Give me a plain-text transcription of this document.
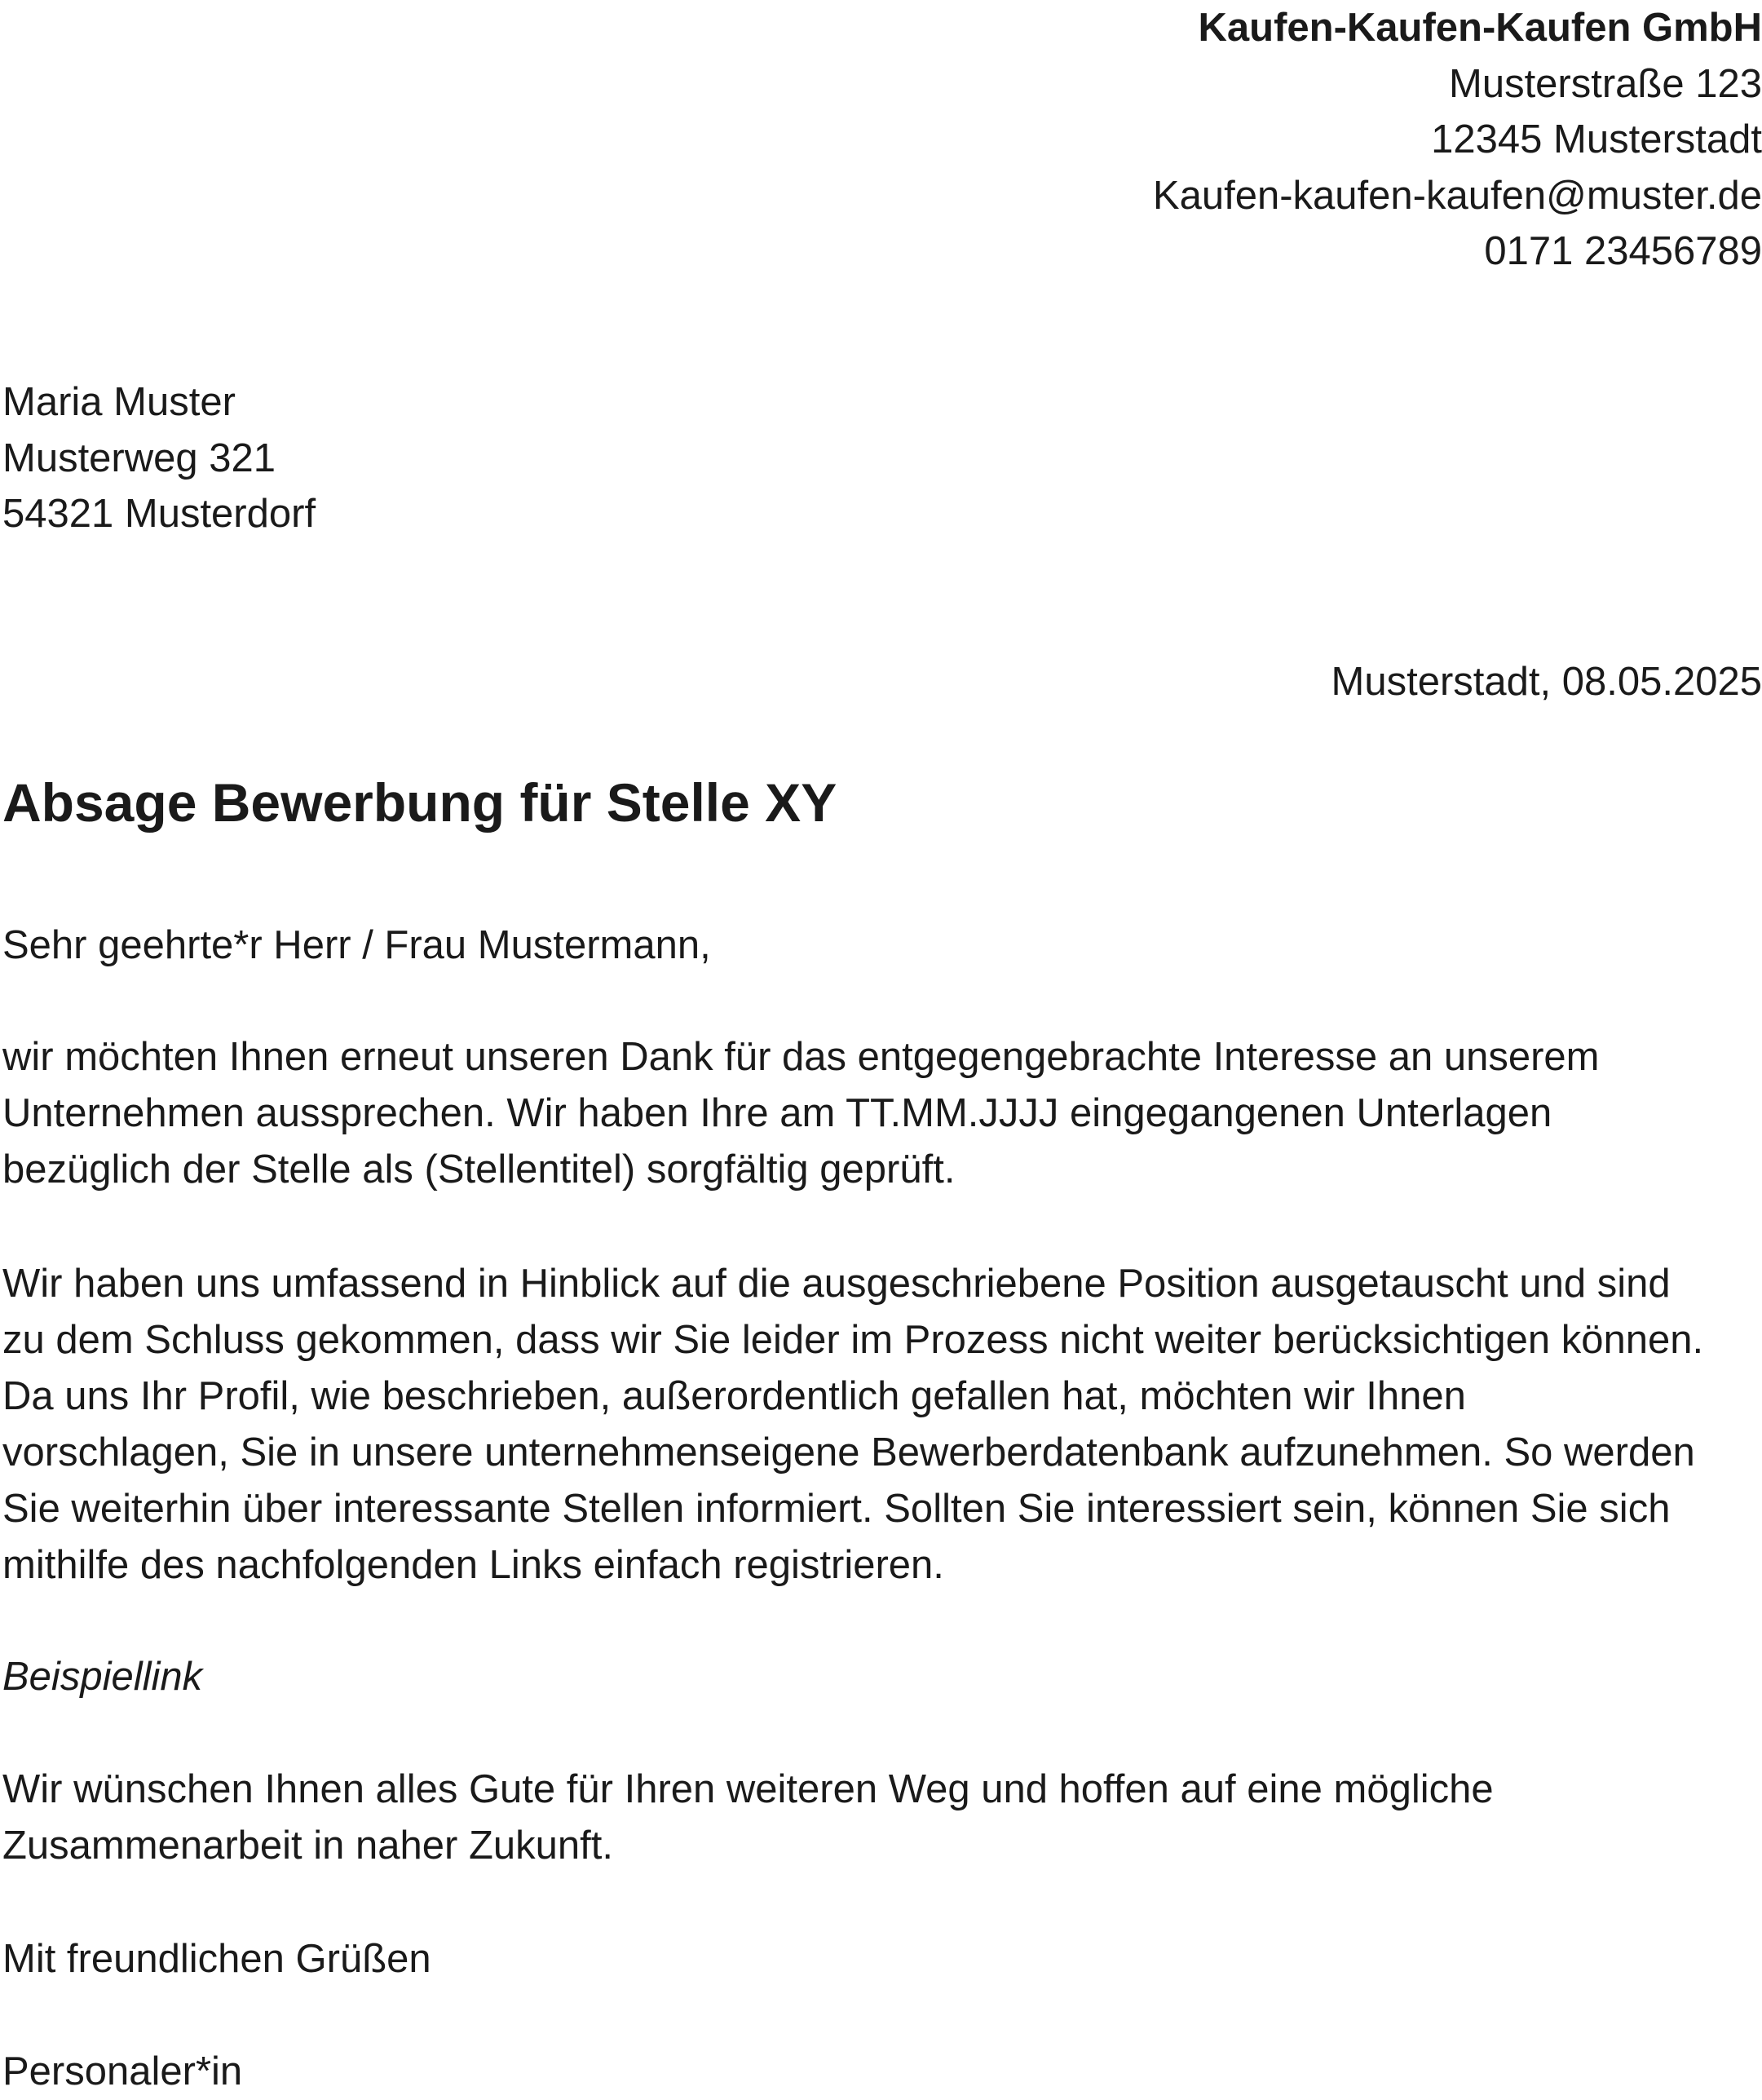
Kaufen-Kaufen-Kaufen GmbH
Musterstraße 123
12345 Musterstadt
Kaufen-kaufen-kaufen@muster.de
0171 23456789
Maria Muster
Musterweg 321
54321 Musterdorf
Musterstadt, 08.05.2025
Absage Bewerbung für Stelle XY

Sehr geehrte*r Herr / Frau Mustermann,

wir möchten Ihnen erneut unseren Dank für das entgegengebrachte Interesse an unserem
Unternehmen aussprechen. Wir haben Ihre am TT.MM.JJJJ eingegangenen Unterlagen
bezüglich der Stelle als (Stellentitel) sorgfältig geprüft.

Wir haben uns umfassend in Hinblick auf die ausgeschriebene Position ausgetauscht und sind
zu dem Schluss gekommen, dass wir Sie leider im Prozess nicht weiter berücksichtigen können.
Da uns Ihr Profil, wie beschrieben, außerordentlich gefallen hat, möchten wir Ihnen
vorschlagen, Sie in unsere unternehmenseigene Bewerberdatenbank aufzunehmen. So werden
Sie weiterhin über interessante Stellen informiert. Sollten Sie interessiert sein, können Sie sich
mithilfe des nachfolgenden Links einfach registrieren.

Beispiellink

Wir wünschen Ihnen alles Gute für Ihren weiteren Weg und hoffen auf eine mögliche
Zusammenarbeit in naher Zukunft.

Mit freundlichen Grüßen

Personaler*in
